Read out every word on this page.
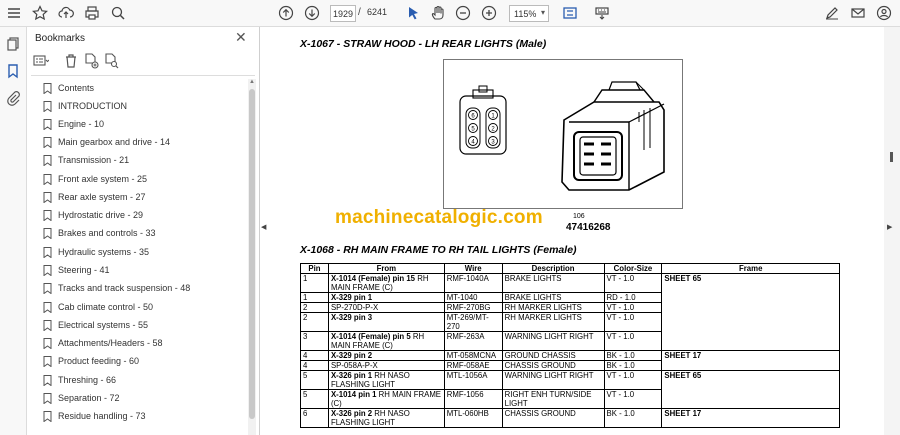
1929 / 6241	115% ▾
Bookmarks	✕
Contents
INTRODUCTION
Engine - 10
Main gearbox and drive - 14
Transmission - 21
Front axle system - 25
Rear axle system - 27
Hydrostatic drive - 29
Brakes and controls - 33
Hydraulic systems - 35
Steering - 41
Tracks and track suspension - 48
Cab climate control - 50
Electrical systems - 55
Attachments/Headers - 58
Product feeding - 60
Threshing - 66
Separation - 72
Residue handling - 73
▲
◀
X-1067 - STRAW HOOD - LH REAR LIGHTS (Male)
6	1
5	2
4	3
machinecatalogic.com	106
47416268
X-1068 - RH MAIN FRAME TO RH TAIL LIGHTS (Female)
Pin	From	Wire	Description	Color-Size	Frame
1	X-1014 (Female) pin 15 RH MAIN FRAME (C)	RMF-1040A	BRAKE LIGHTS	VT - 1.0	SHEET 65
1	X-329 pin 1	MT-1040	BRAKE LIGHTS	RD - 1.0	
2	SP-270D-P-X	RMF-270BG	RH MARKER LIGHTS	VT - 1.0	
2	X-329 pin 3	MT-269/MT-270	RH MARKER LIGHTS	VT - 1.0	
3	X-1014 (Female) pin 5 RH MAIN FRAME (C)	RMF-263A	WARNING LIGHT RIGHT	VT - 1.0	
4	X-329 pin 2	MT-058MCNA	GROUND CHASSIS	BK - 1.0	SHEET 17
4	SP-058A-P-X	RMF-058AE	CHASSIS GROUND	BK - 1.0	
5	X-326 pin 1 RH NASO FLASHING LIGHT	MTL-1056A	WARNING LIGHT RIGHT	VT - 1.0	SHEET 65
5	X-1014 pin 1 RH MAIN FRAME (C)	RMF-1056	RIGHT ENH TURN/SIDE LIGHT	VT - 1.0	
6	X-326 pin 2 RH NASO FLASHING LIGHT	MTL-060HB	CHASSIS GROUND	BK - 1.0	SHEET 17
▶
